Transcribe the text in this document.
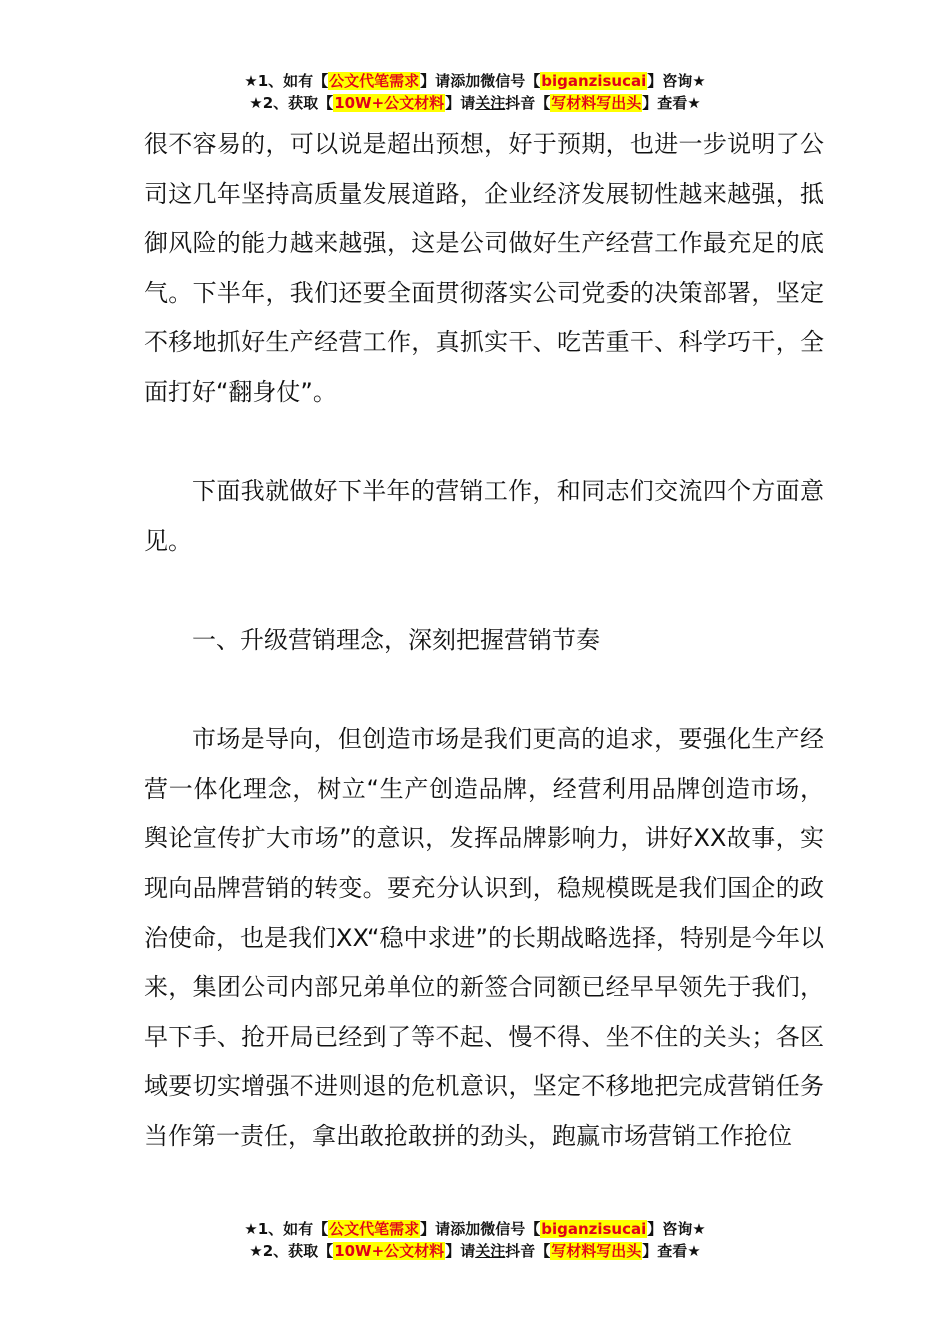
★1、如有【公文代笔需求】请添加微信号【biganzisucai】咨询★
★2、获取【10W+公文材料】请关注抖音【写材料写出头】查看★

很不容易的，可以说是超出预想，好于预期，也进一步说明了公司这几年坚持高质量发展道路，企业经济发展韧性越来越强，抵御风险的能力越来越强，这是公司做好生产经营工作最充足的底气。下半年，我们还要全面贯彻落实公司党委的决策部署，坚定不移地抓好生产经营工作，真抓实干、吃苦重干、科学巧干，全面打好“翻身仗”。

下面我就做好下半年的营销工作，和同志们交流四个方面意见。

一、升级营销理念，深刻把握营销节奏

市场是导向，但创造市场是我们更高的追求，要强化生产经营一体化理念，树立“生产创造品牌，经营利用品牌创造市场，舆论宣传扩大市场”的意识，发挥品牌影响力，讲好XX故事，实现向品牌营销的转变。要充分认识到，稳规模既是我们国企的政治使命，也是我们XX“稳中求进”的长期战略选择，特别是今年以来，集团公司内部兄弟单位的新签合同额已经早早领先于我们，早下手、抢开局已经到了等不起、慢不得、坐不住的关头；各区域要切实增强不进则退的危机意识，坚定不移地把完成营销任务当作第一责任，拿出敢抢敢拼的劲头，跑赢市场营销工作抢位

★1、如有【公文代笔需求】请添加微信号【biganzisucai】咨询★
★2、获取【10W+公文材料】请关注抖音【写材料写出头】查看★
